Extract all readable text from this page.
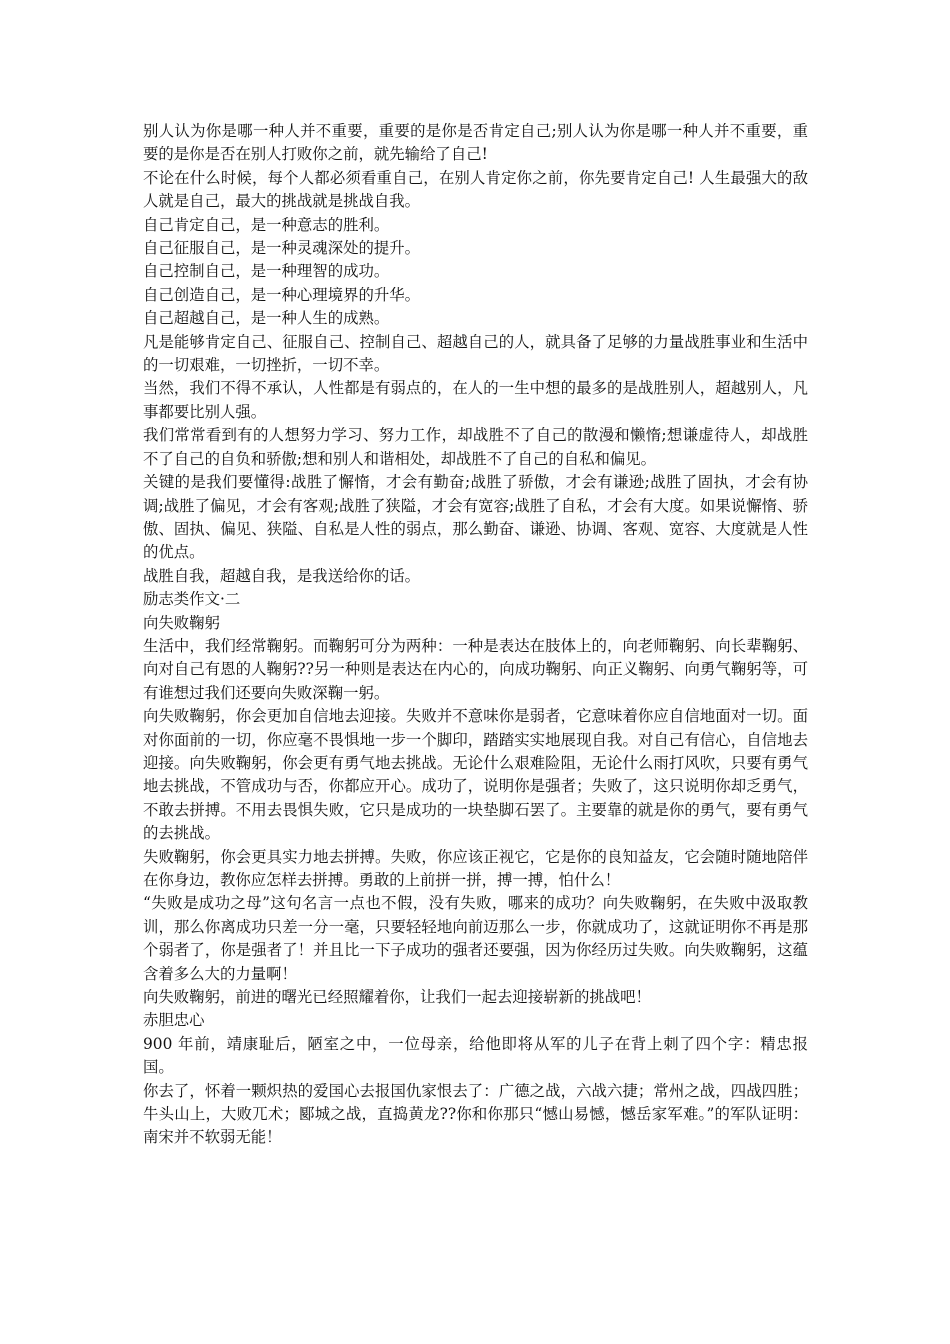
别人认为你是哪一种人并不重要，重要的是你是否肯定自己;别人认为你是哪一种人并不重要，重要的是你是否在别人打败你之前，就先输给了自己!

不论在什么时候，每个人都必须看重自己，在别人肯定你之前，你先要肯定自己! 人生最强大的敌人就是自己，最大的挑战就是挑战自我。

自己肯定自己，是一种意志的胜利。

自己征服自己，是一种灵魂深处的提升。

自己控制自己，是一种理智的成功。

自己创造自己，是一种心理境界的升华。

自己超越自己，是一种人生的成熟。

凡是能够肯定自己、征服自己、控制自己、超越自己的人，就具备了足够的力量战胜事业和生活中的一切艰难，一切挫折，一切不幸。

当然，我们不得不承认，人性都是有弱点的，在人的一生中想的最多的是战胜别人，超越别人，凡事都要比别人强。

我们常常看到有的人想努力学习、努力工作，却战胜不了自己的散漫和懒惰;想谦虚待人，却战胜不了自己的自负和骄傲;想和别人和谐相处，却战胜不了自己的自私和偏见。

关键的是我们要懂得:战胜了懈惰，才会有勤奋;战胜了骄傲，才会有谦逊;战胜了固执，才会有协调;战胜了偏见，才会有客观;战胜了狭隘，才会有宽容;战胜了自私，才会有大度。如果说懈惰、骄傲、固执、偏见、狭隘、自私是人性的弱点，那么勤奋、谦逊、协调、客观、宽容、大度就是人性的优点。

战胜自我，超越自我，是我送给你的话。

励志类作文·二

向失败鞠躬

生活中，我们经常鞠躬。而鞠躬可分为两种：一种是表达在肢体上的，向老师鞠躬、向长辈鞠躬、向对自己有恩的人鞠躬??另一种则是表达在内心的，向成功鞠躬、向正义鞠躬、向勇气鞠躬等，可有谁想过我们还要向失败深鞠一躬。

向失败鞠躬，你会更加自信地去迎接。失败并不意味你是弱者，它意味着你应自信地面对一切。面对你面前的一切，你应毫不畏惧地一步一个脚印，踏踏实实地展现自我。对自己有信心，自信地去迎接。向失败鞠躬，你会更有勇气地去挑战。无论什么艰难险阻，无论什么雨打风吹，只要有勇气地去挑战，不管成功与否，你都应开心。成功了，说明你是强者；失败了，这只说明你却乏勇气，不敢去拼搏。不用去畏惧失败，它只是成功的一块垫脚石罢了。主要靠的就是你的勇气，要有勇气的去挑战。

失败鞠躬，你会更具实力地去拼搏。失败，你应该正视它，它是你的良知益友，它会随时随地陪伴在你身边，教你应怎样去拼搏。勇敢的上前拼一拼，搏一搏，怕什么！

“失败是成功之母”这句名言一点也不假，没有失败，哪来的成功？向失败鞠躬，在失败中汲取教训，那么你离成功只差一分一毫，只要轻轻地向前迈那么一步，你就成功了，这就证明你不再是那个弱者了，你是强者了！并且比一下子成功的强者还要强，因为你经历过失败。向失败鞠躬，这蕴含着多么大的力量啊！

向失败鞠躬，前进的曙光已经照耀着你，让我们一起去迎接崭新的挑战吧！

赤胆忠心

900 年前，靖康耻后，陋室之中，一位母亲，给他即将从军的儿子在背上刺了四个字：精忠报国。

你去了，怀着一颗炽热的爱国心去报国仇家恨去了：广德之战，六战六捷；常州之战，四战四胜；牛头山上，大败兀术；郾城之战，直捣黄龙??你和你那只“憾山易憾，憾岳家军难。”的军队证明：南宋并不软弱无能！
